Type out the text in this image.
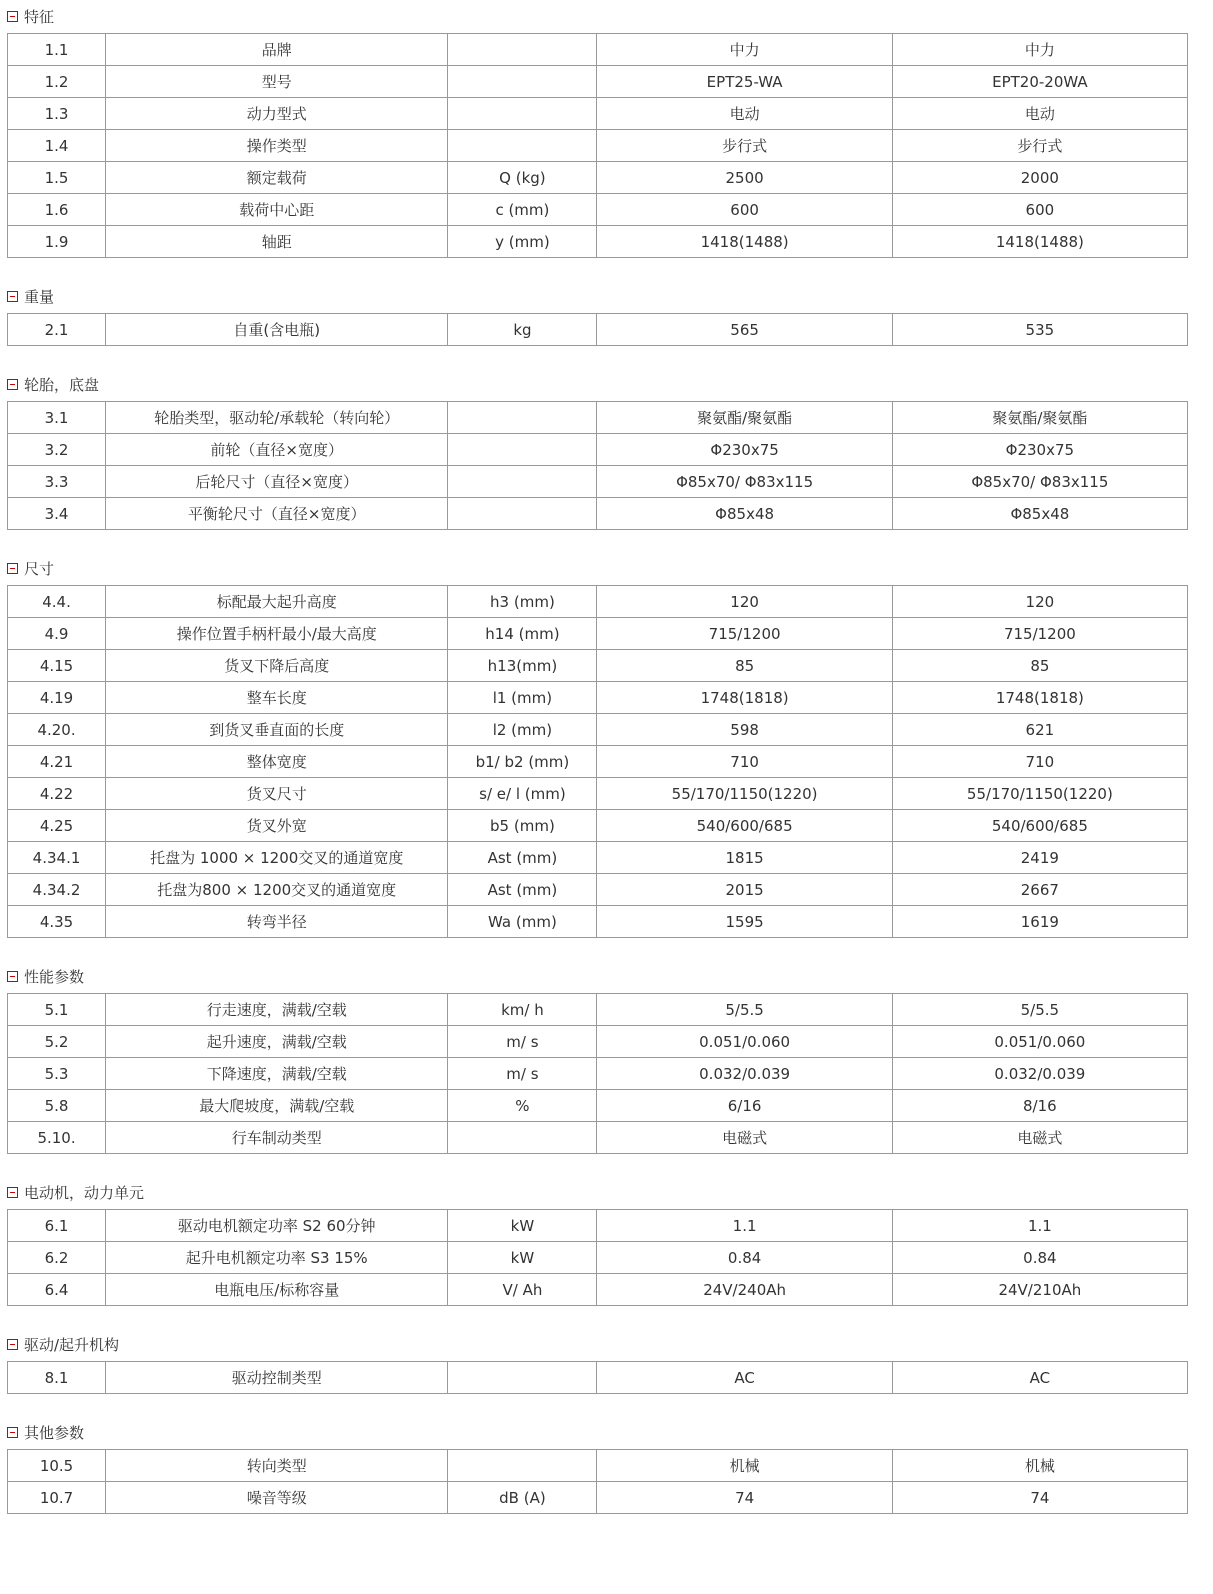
特征
1.1	品牌		中力	中力
1.2	型号		EPT25-WA	EPT20-20WA
1.3	动力型式		电动	电动
1.4	操作类型		步行式	步行式
1.5	额定载荷	Q (kg)	2500	2000
1.6	载荷中心距	c (mm)	600	600
1.9	轴距	y (mm)	1418(1488)	1418(1488)
重量
2.1	自重(含电瓶)	kg	565	535
轮胎，底盘
3.1	轮胎类型，驱动轮/承载轮（转向轮）		聚氨酯/聚氨酯	聚氨酯/聚氨酯
3.2	前轮（直径×宽度）		Φ230x75	Φ230x75
3.3	后轮尺寸（直径×宽度）		Φ85x70/ Φ83x115	Φ85x70/ Φ83x115
3.4	平衡轮尺寸（直径×宽度）		Φ85x48	Φ85x48
尺寸
4.4.	标配最大起升高度	h3 (mm)	120	120
4.9	操作位置手柄杆最小/最大高度	h14 (mm)	715/1200	715/1200
4.15	货叉下降后高度	h13(mm)	85	85
4.19	整车长度	l1 (mm)	1748(1818)	1748(1818)
4.20.	到货叉垂直面的长度	l2 (mm)	598	621
4.21	整体宽度	b1/ b2 (mm)	710	710
4.22	货叉尺寸	s/ e/ l (mm)	55/170/1150(1220)	55/170/1150(1220)
4.25	货叉外宽	b5 (mm)	540/600/685	540/600/685
4.34.1	托盘为 1000 × 1200交叉的通道宽度	Ast (mm)	1815	2419
4.34.2	托盘为800 × 1200交叉的通道宽度	Ast (mm)	2015	2667
4.35	转弯半径	Wa (mm)	1595	1619
性能参数
5.1	行走速度，满载/空载	km/ h	5/5.5	5/5.5
5.2	起升速度，满载/空载	m/ s	0.051/0.060	0.051/0.060
5.3	下降速度，满载/空载	m/ s	0.032/0.039	0.032/0.039
5.8	最大爬坡度，满载/空载	%	6/16	8/16
5.10.	行车制动类型		电磁式	电磁式
电动机，动力单元
6.1	驱动电机额定功率 S2 60分钟	kW	1.1	1.1
6.2	起升电机额定功率 S3 15%	kW	0.84	0.84
6.4	电瓶电压/标称容量	V/ Ah	24V/240Ah	24V/210Ah
驱动/起升机构
8.1	驱动控制类型		AC	AC
其他参数
10.5	转向类型		机械	机械
10.7	噪音等级	dB (A)	74	74
